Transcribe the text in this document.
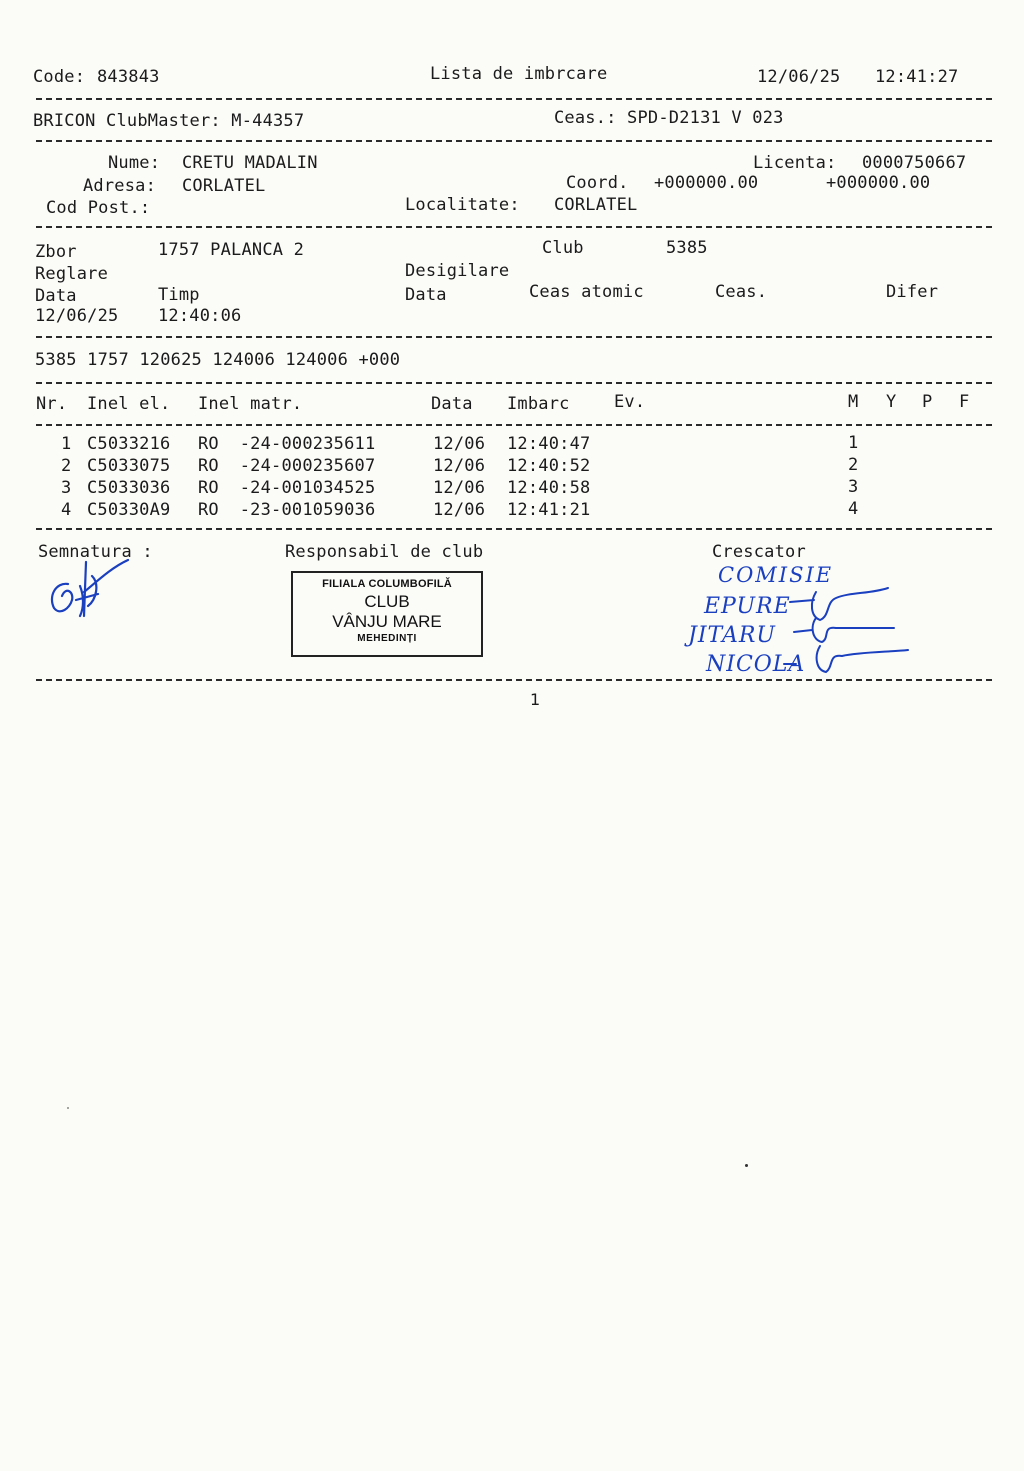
Code: 843843	Lista de imbrcare	12/06/25 12:41:27
BRICON ClubMaster: M-44357	Ceas.: SPD-D2131 V 023
Nume: CRETU MADALIN	Licenta: 0000750667
Adresa: CORLATEL	Coord. +000000.00	+000000.00
Cod Post.:	Localitate: CORLATEL
Zbor	1757 PALANCA 2	Club	5385
Reglare	Desigilare
Data	Timp	Data	Ceas atomic	Ceas.	Difer
12/06/25 12:40:06
5385 1757 120625 124006 124006 +000
Nr. Inel el. Inel matr.	Data Imbarc	Ev.	M Y P F
1 C5033216 RO  -24-000235611	12/06 12:40:47	1
2 C5033075 RO  -24-000235607	12/06 12:40:52	2
3 C5033036 RO  -24-001034525	12/06 12:40:58	3
4 C50330A9 RO  -23-001059036	12/06 12:41:21	4
Semnatura :	Responsabil de club	Crescator
FILIALA COLUMBOFILĂ
CLUB
VÂNJU MARE
MEHEDINȚI
COMISIE
EPURE
JITARU
NICOLA
1
